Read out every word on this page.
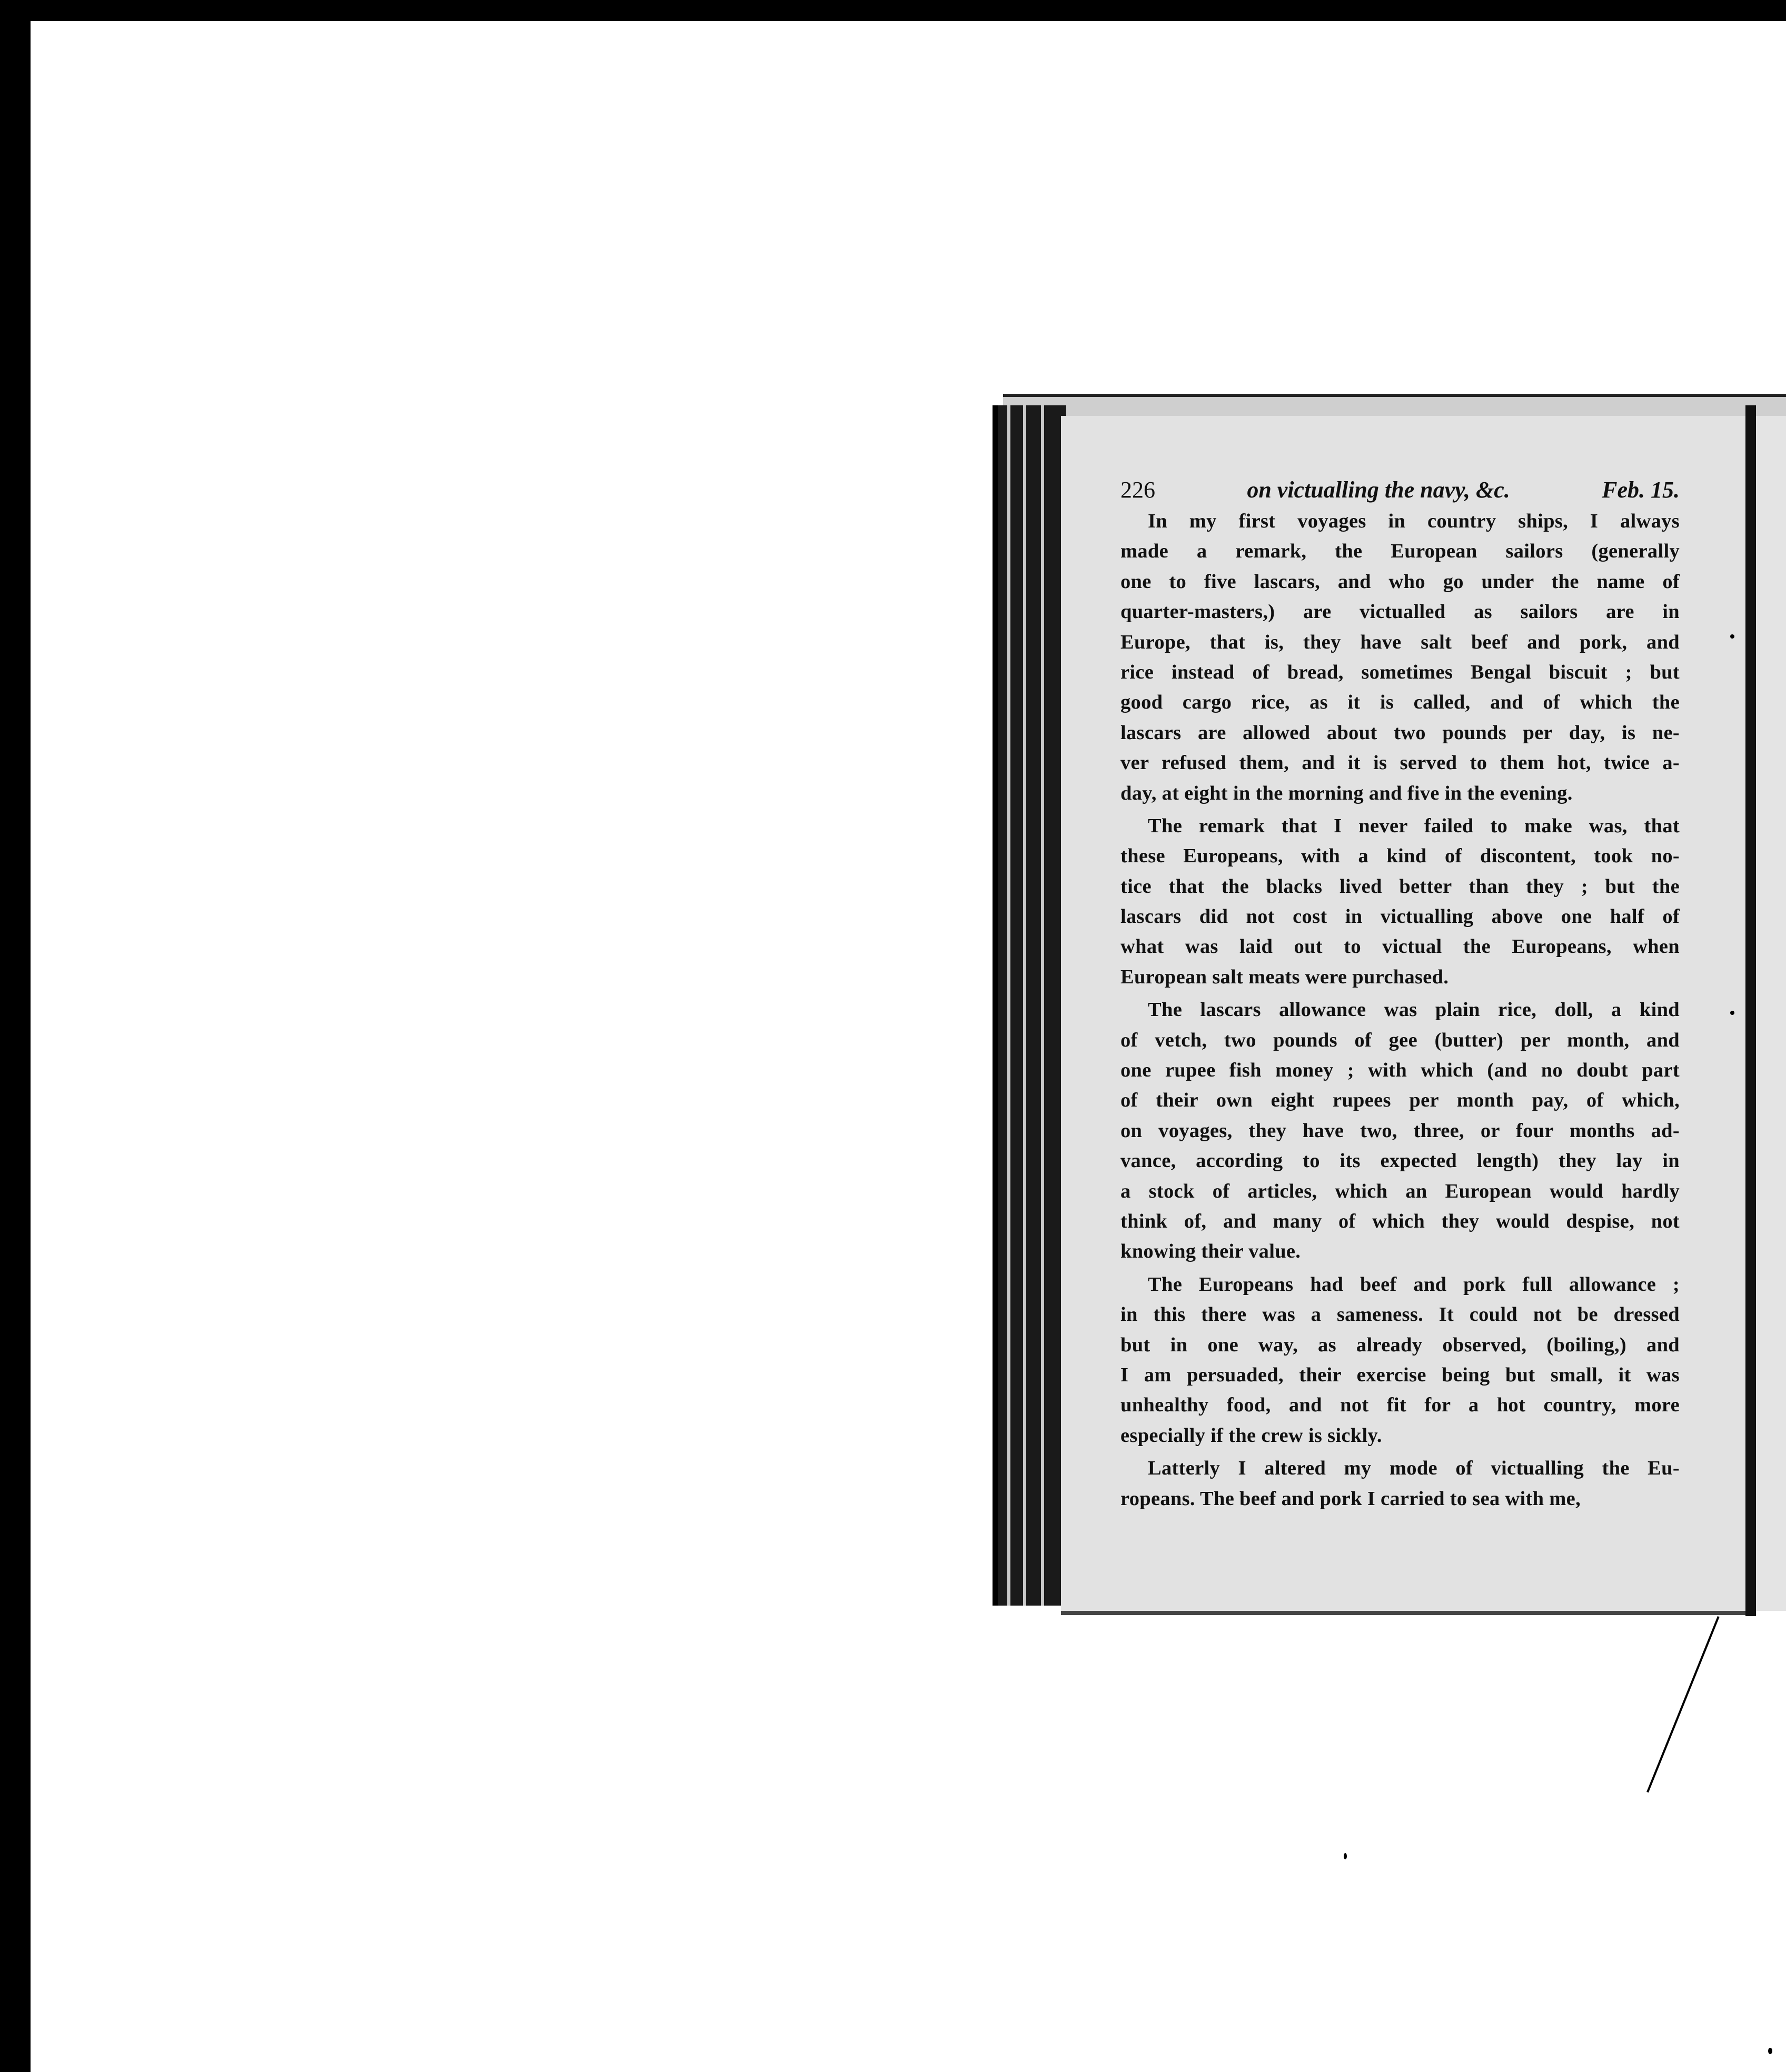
226	on victualling the navy, &c.	Feb. 15.
In my first voyages in country ships, I always
made a remark, the European sailors (generally
one to five lascars, and who go under the name of
quarter-masters,) are victualled as sailors are in
Europe, that is, they have salt beef and pork, and
rice instead of bread, sometimes Bengal biscuit ; but
good cargo rice, as it is called, and of which the
lascars are allowed about two pounds per day, is ne-
ver refused them, and it is served to them hot, twice a-
day, at eight in the morning and five in the evening.
The remark that I never failed to make was, that
these Europeans, with a kind of discontent, took no-
tice that the blacks lived better than they ; but the
lascars did not cost in victualling above one half of
what was laid out to victual the Europeans, when
European salt meats were purchased.
The lascars allowance was plain rice, doll, a kind
of vetch, two pounds of gee (butter) per month, and
one rupee fish money ; with which (and no doubt part
of their own eight rupees per month pay, of which,
on voyages, they have two, three, or four months ad-
vance, according to its expected length) they lay in
a stock of articles, which an European would hardly
think of, and many of which they would despise, not
knowing their value.
The Europeans had beef and pork full allowance ;
in this there was a sameness. It could not be dressed
but in one way, as already observed, (boiling,) and
I am persuaded, their exercise being but small, it was
unhealthy food, and not fit for a hot country, more
especially if the crew is sickly.
Latterly I altered my mode of victualling the Eu-
ropeans. The beef and pork I carried to sea with me,
